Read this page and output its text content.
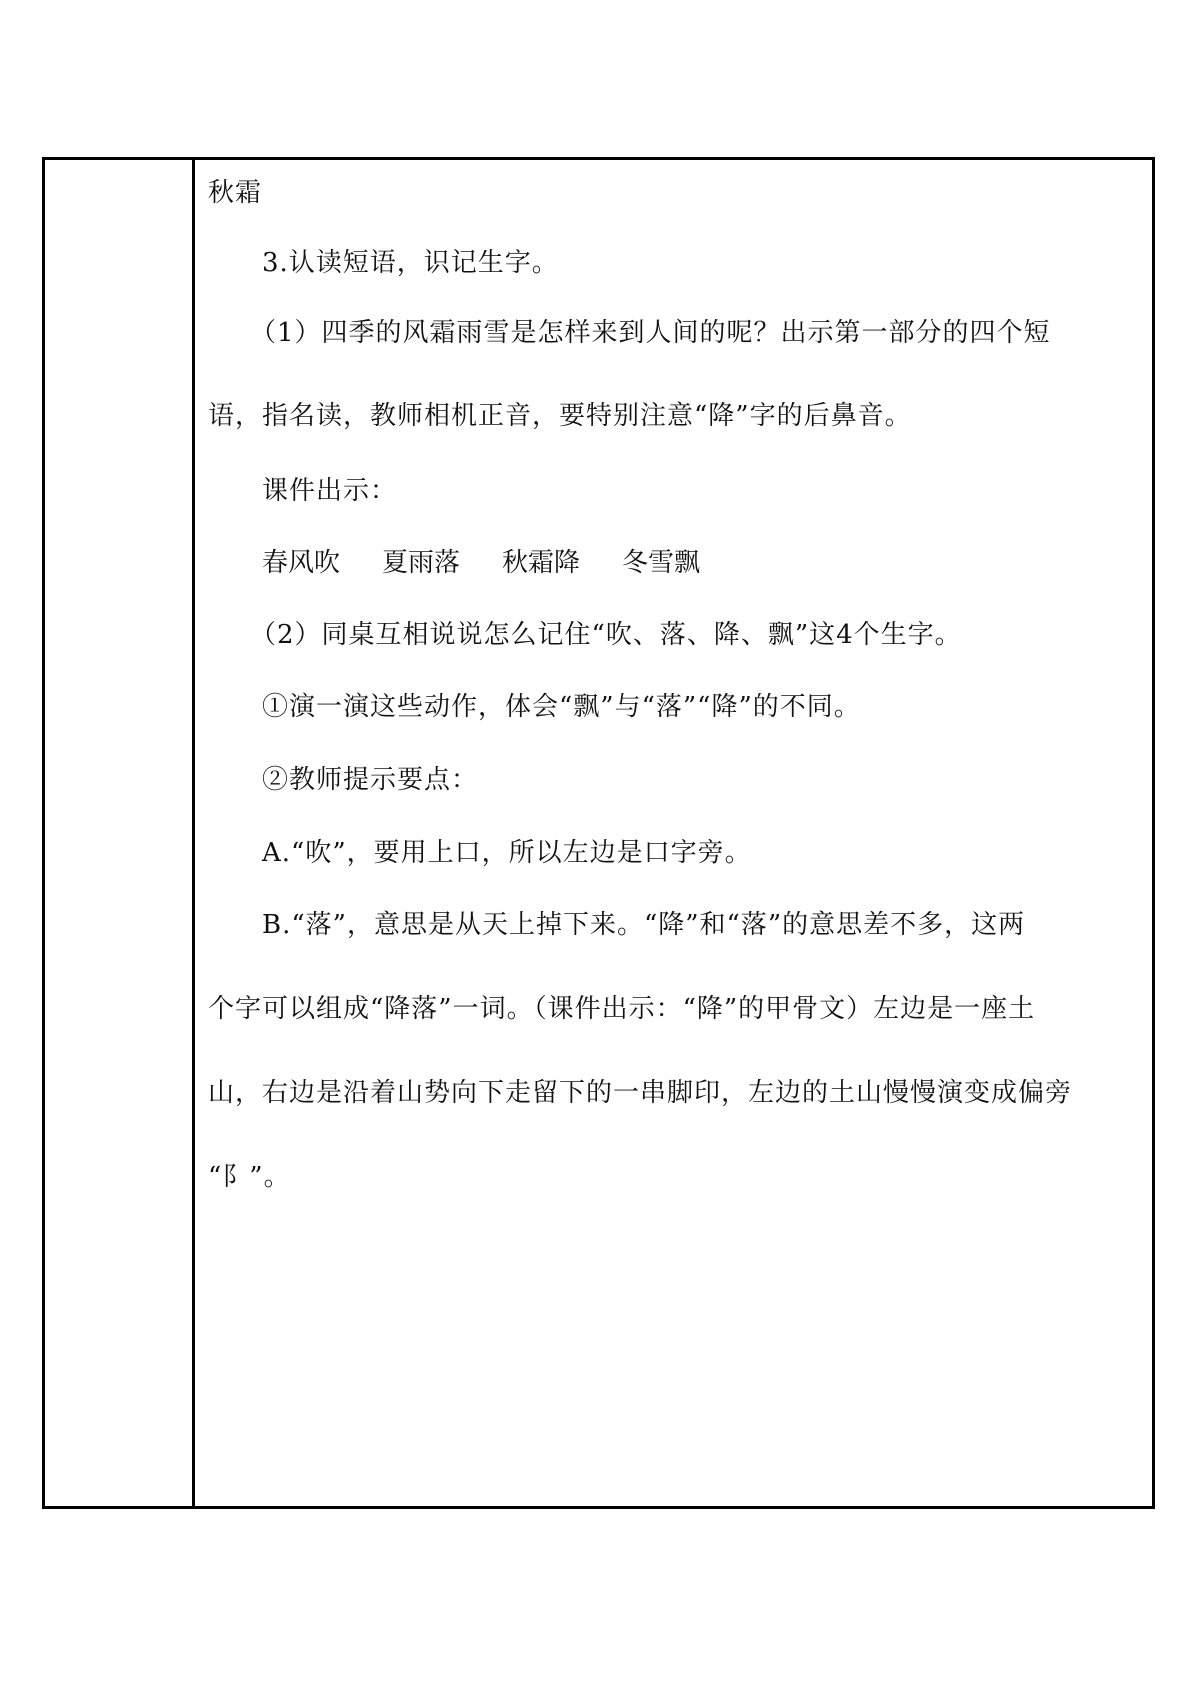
秋霜
3.认读短语，识记生字。
（1）四季的风霜雨雪是怎样来到人间的呢？出示第一部分的四个短
语，指名读，教师相机正音，要特别注意“降”字的后鼻音。
课件出示：
春风吹 夏雨落 秋霜降 冬雪飘
（2）同桌互相说说怎么记住“吹、落、降、飘”这4个生字。
①演一演这些动作，体会“飘”与“落”“降”的不同。
②教师提示要点：
A.“吹”，要用上口，所以左边是口字旁。
B.“落”，意思是从天上掉下来。“降”和“落”的意思差不多，这两
个字可以组成“降落”一词。（课件出示：“降”的甲骨文）左边是一座土
山，右边是沿着山势向下走留下的一串脚印，左边的土山慢慢演变成偏旁
“阝”。
